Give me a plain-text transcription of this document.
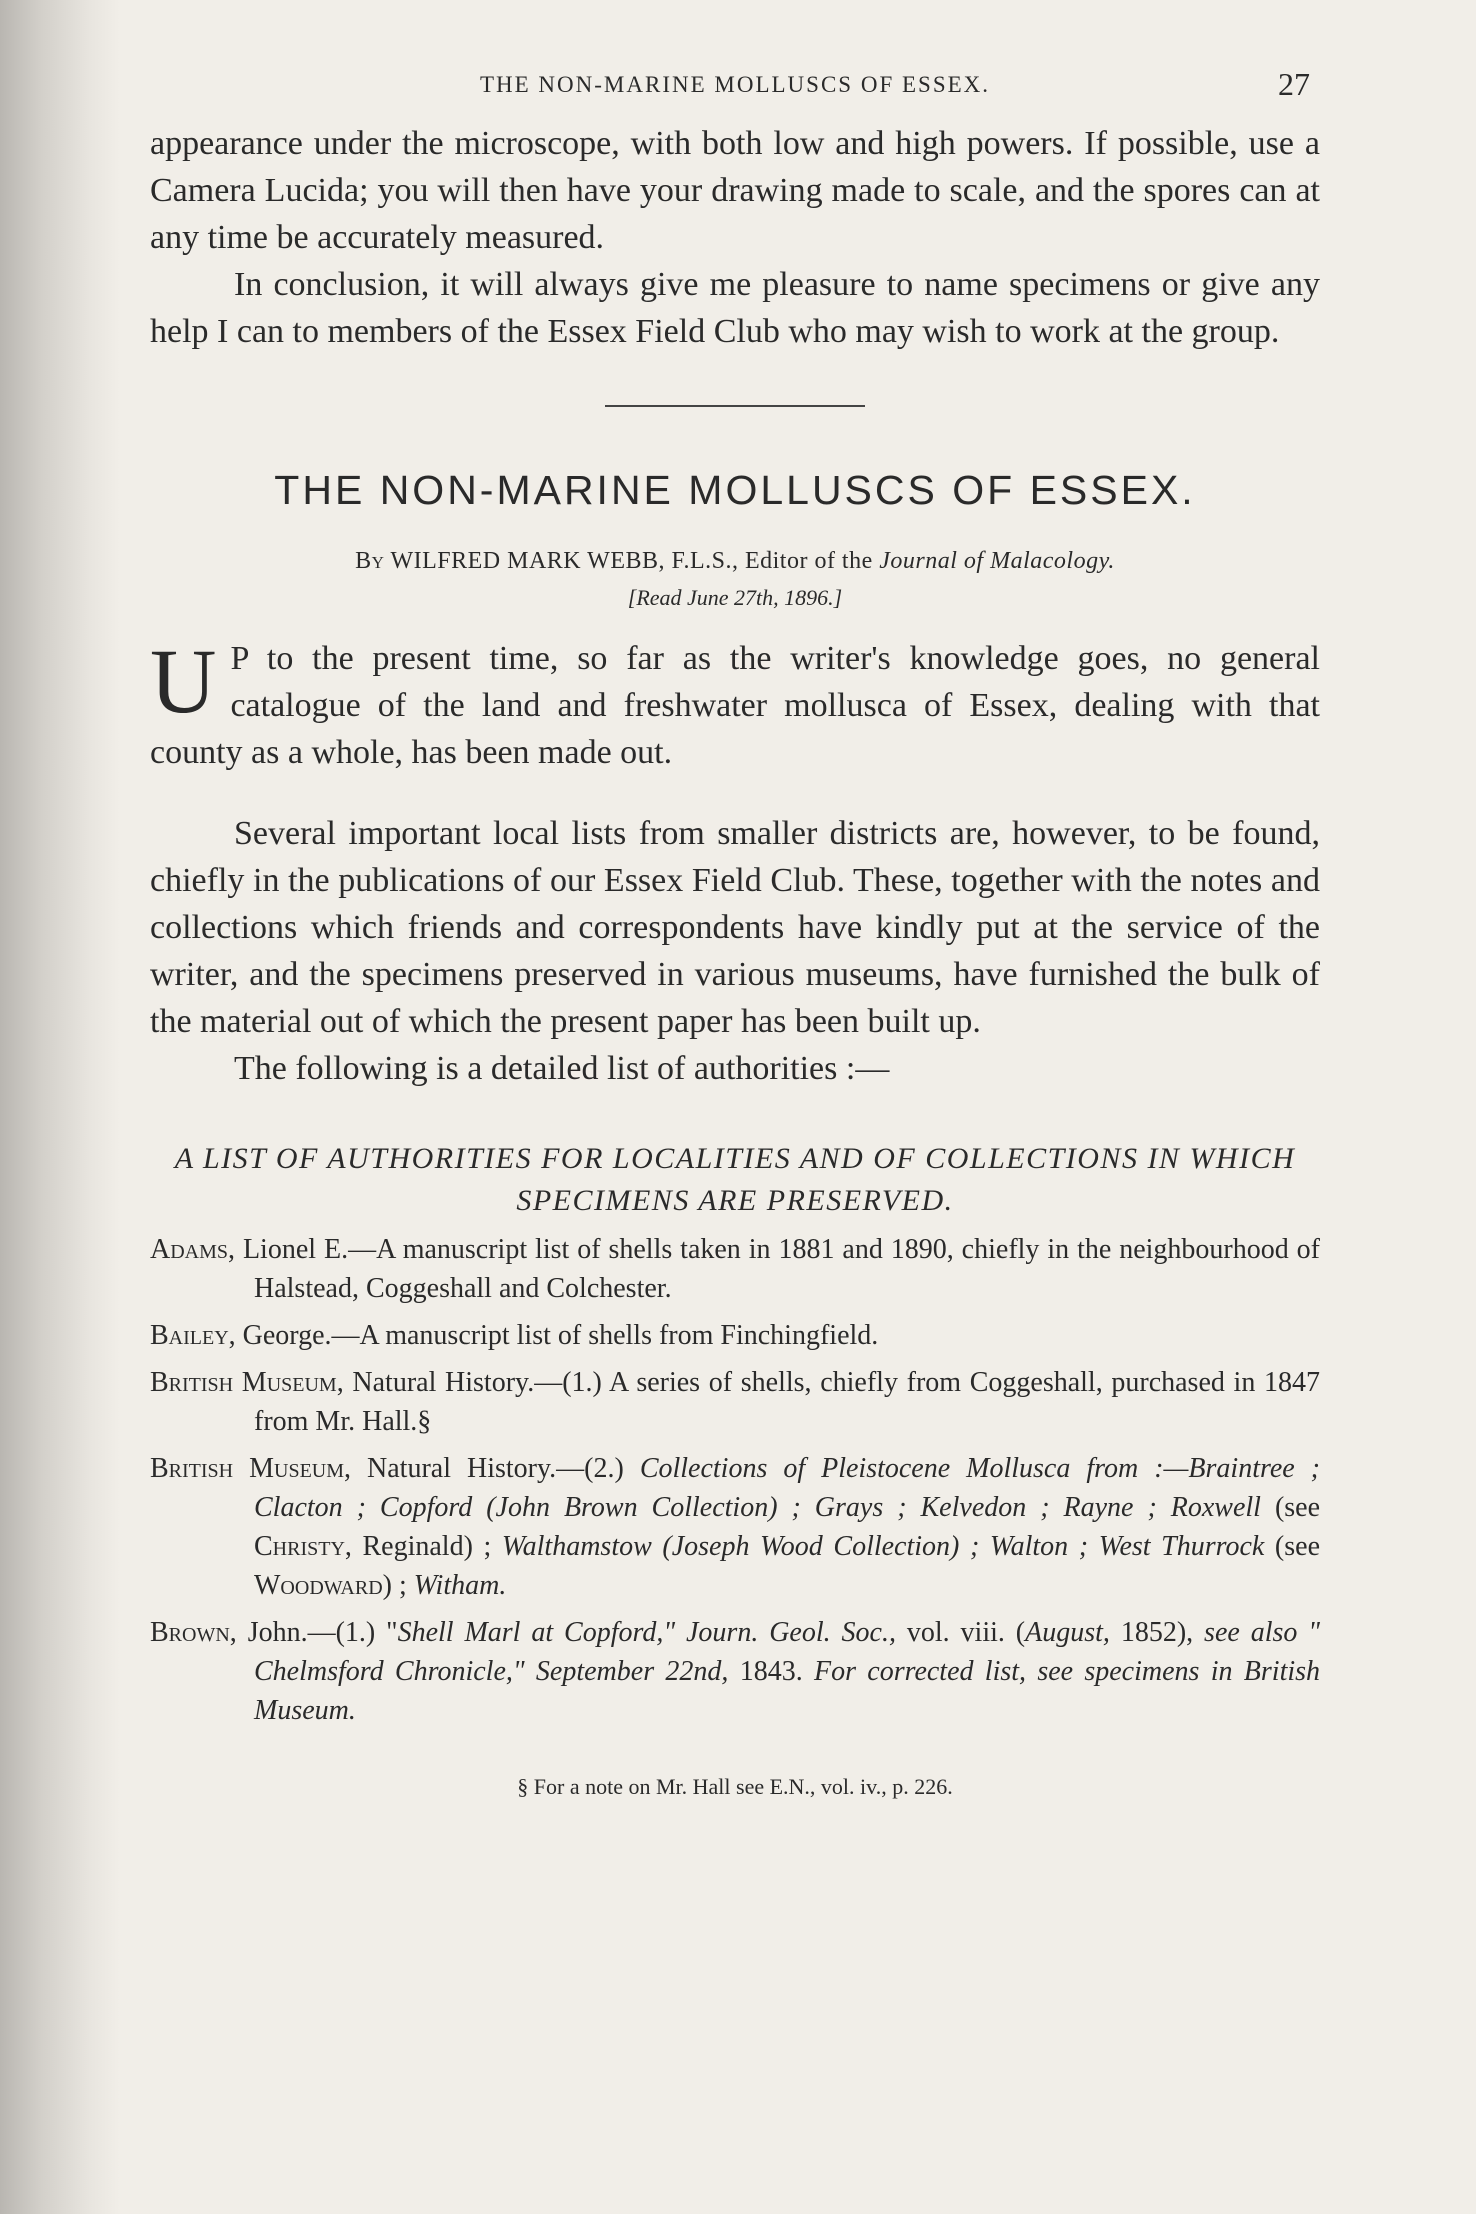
THE NON-MARINE MOLLUSCS OF ESSEX.	27

appearance under the microscope, with both low and high powers. If possible, use a Camera Lucida; you will then have your drawing made to scale, and the spores can at any time be accurately measured.

In conclusion, it will always give me pleasure to name specimens or give any help I can to members of the Essex Field Club who may wish to work at the group.

THE NON-MARINE MOLLUSCS OF ESSEX.
By WILFRED MARK WEBB, F.L.S., Editor of the Journal of Malacology.
[Read June 27th, 1896.]

U P to the present time, so far as the writer's knowledge goes, no general catalogue of the land and freshwater mollusca of Essex, dealing with that county as a whole, has been made out.

Several important local lists from smaller districts are, however, to be found, chiefly in the publications of our Essex Field Club. These, together with the notes and collections which friends and correspondents have kindly put at the service of the writer, and the specimens preserved in various museums, have furnished the bulk of the material out of which the present paper has been built up.

The following is a detailed list of authorities :—

A LIST OF AUTHORITIES FOR LOCALITIES AND OF COLLECTIONS IN WHICH SPECIMENS ARE PRESERVED.

Adams, Lionel E.—A manuscript list of shells taken in 1881 and 1890, chiefly in the neighbourhood of Halstead, Coggeshall and Colchester.

Bailey, George.—A manuscript list of shells from Finchingfield.

British Museum, Natural History.—(1.) A series of shells, chiefly from Coggeshall, purchased in 1847 from Mr. Hall.§

British Museum, Natural History.—(2.) Collections of Pleistocene Mollusca from :—Braintree ; Clacton ; Copford (John Brown Collection) ; Grays ; Kelvedon ; Rayne ; Roxwell (see Christy, Reginald) ; Walthamstow (Joseph Wood Collection) ; Walton ; West Thurrock (see Woodward) ; Witham.

Brown, John.—(1.) "Shell Marl at Copford," Journ. Geol. Soc., vol. viii. (August, 1852), see also " Chelmsford Chronicle," September 22nd, 1843. For corrected list, see specimens in British Museum.

§ For a note on Mr. Hall see E.N., vol. iv., p. 226.
